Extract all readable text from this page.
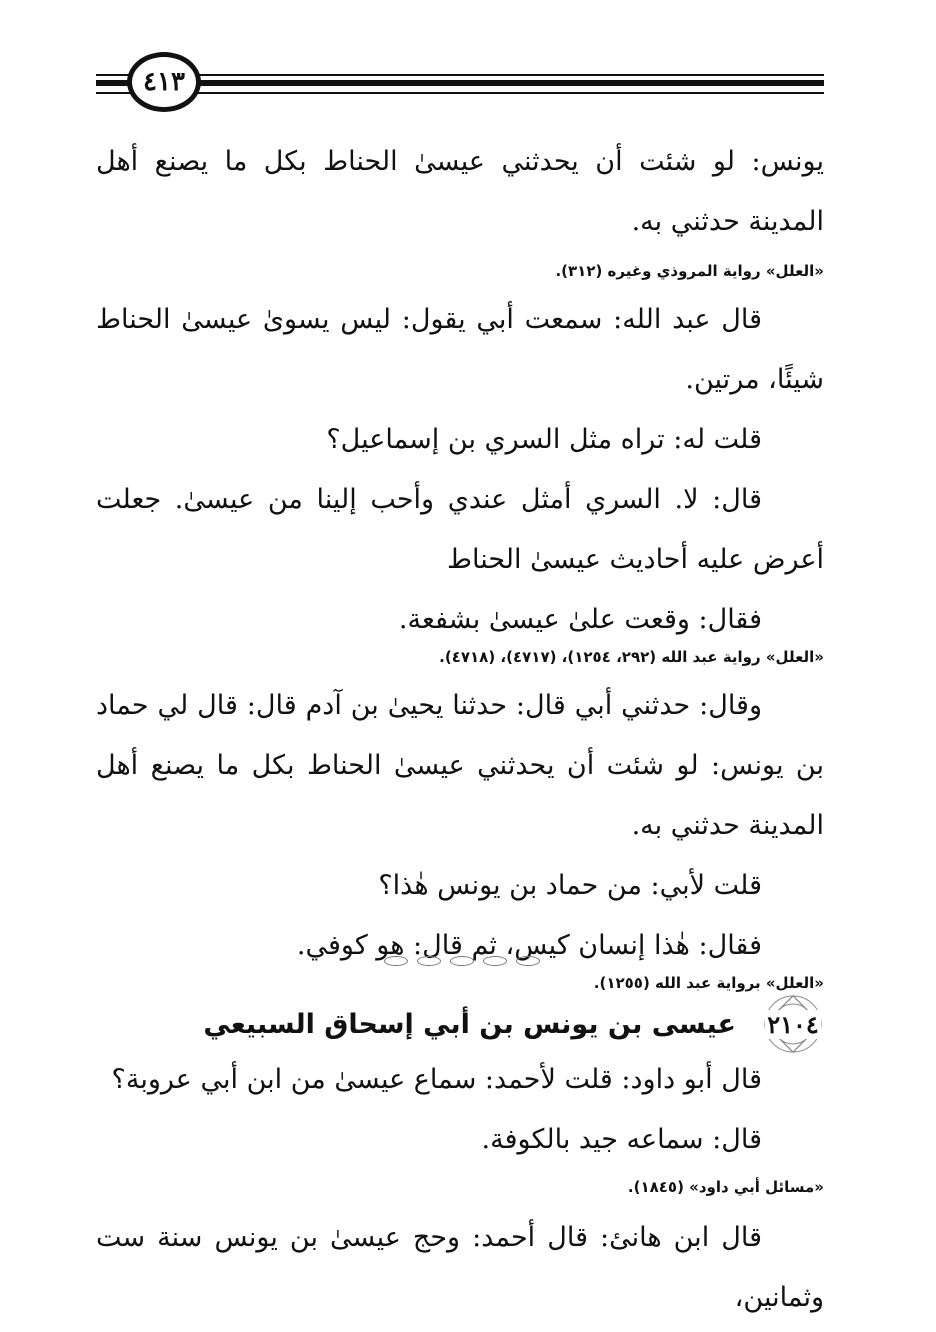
٤١٣

يونس: لو شئت أن يحدثني عيسىٰ الحناط بكل ما يصنع أهل المدينة حدثني به.

«العلل» رواية المروذي وغيره (٣١٢).

قال عبد الله: سمعت أبي يقول: ليس يسوىٰ عيسىٰ الحناط شيئًا، مرتين.

قلت له: تراه مثل السري بن إسماعيل؟

قال: لا. السري أمثل عندي وأحب إلينا من عيسىٰ. جعلت أعرض عليه أحاديث عيسىٰ الحناط

فقال: وقعت علىٰ عيسىٰ بشفعة.

«العلل» رواية عبد الله (٢٩٢، ١٢٥٤)، (٤٧١٧)، (٤٧١٨).

وقال: حدثني أبي قال: حدثنا يحيىٰ بن آدم قال: قال لي حماد بن يونس: لو شئت أن يحدثني عيسىٰ الحناط بكل ما يصنع أهل المدينة حدثني به.

قلت لأبي: من حماد بن يونس هٰذا؟

فقال: هٰذا إنسان كيس، ثم قال: هو كوفي.

«العلل» برواية عبد الله (١٢٥٥).

٢١٠٤
عيسى بن يونس بن أبي إسحاق السبيعي

قال أبو داود: قلت لأحمد: سماع عيسىٰ من ابن أبي عروبة؟

قال: سماعه جيد بالكوفة.

«مسائل أبي داود» (١٨٤٥).

قال ابن هانئ: قال أحمد: وحج عيسىٰ بن يونس سنة ست وثمانين،
